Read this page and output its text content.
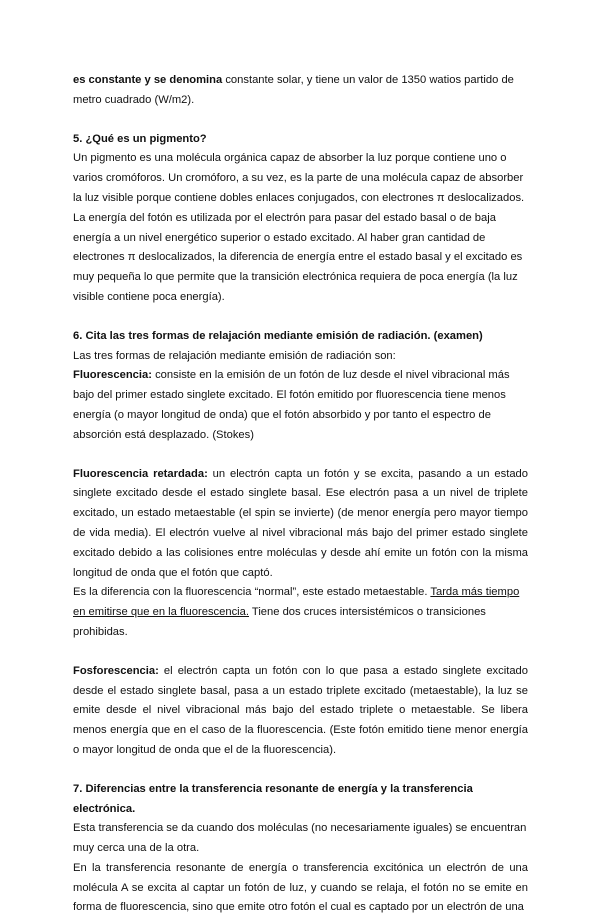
es constante y se denomina constante solar, y tiene un valor de 1350 watios partido de metro cuadrado (W/m2).

5. ¿Qué es un pigmento?

Un pigmento es una molécula orgánica capaz de absorber la luz porque contiene uno o varios cromóforos. Un cromóforo, a su vez, es la parte de una molécula capaz de absorber la luz visible porque contiene dobles enlaces conjugados, con electrones π deslocalizados. La energía del fotón es utilizada por el electrón para pasar del estado basal o de baja energía a un nivel energético superior o estado excitado. Al haber gran cantidad de electrones π deslocalizados, la diferencia de energía entre el estado basal y el excitado es muy pequeña lo que permite que la transición electrónica requiera de poca energía (la luz visible contiene poca energía).

6. Cita las tres formas de relajación mediante emisión de radiación. (examen)

Las tres formas de relajación mediante emisión de radiación son:

Fluorescencia: consiste en la emisión de un fotón de luz desde el nivel vibracional más bajo del primer estado singlete excitado. El fotón emitido por fluorescencia tiene menos energía (o mayor longitud de onda) que el fotón absorbido y por tanto el espectro de absorción está desplazado. (Stokes)

Fluorescencia retardada: un electrón capta un fotón y se excita, pasando a un estado singlete excitado desde el estado singlete basal. Ese electrón pasa a un nivel de triplete excitado, un estado metaestable (el spin se invierte) (de menor energía pero mayor tiempo de vida media). El electrón vuelve al nivel vibracional más bajo del primer estado singlete excitado debido a las colisiones entre moléculas y desde ahí emite un fotón con la misma longitud de onda que el fotón que captó.

Es la diferencia con la fluorescencia “normal”, este estado metaestable. Tarda más tiempo en emitirse que en la fluorescencia. Tiene dos cruces intersistémicos o transiciones prohibidas.

Fosforescencia: el electrón capta un fotón con lo que pasa a estado singlete excitado desde el estado singlete basal, pasa a un estado triplete excitado (metaestable), la luz se emite desde el nivel vibracional más bajo del estado triplete o metaestable. Se libera menos energía que en el caso de la fluorescencia. (Este fotón emitido tiene menor energía o mayor longitud de onda que el de la fluorescencia).

7. Diferencias entre la transferencia resonante de energía y la transferencia electrónica.

Esta transferencia se da cuando dos moléculas (no necesariamente iguales) se encuentran muy cerca una de la otra.

En la transferencia resonante de energía o transferencia excitónica un electrón de una molécula A se excita al captar un fotón de luz, y cuando se relaja, el fotón no se emite en forma de fluorescencia, sino que emite otro fotón el cual es captado por un electrón de una
